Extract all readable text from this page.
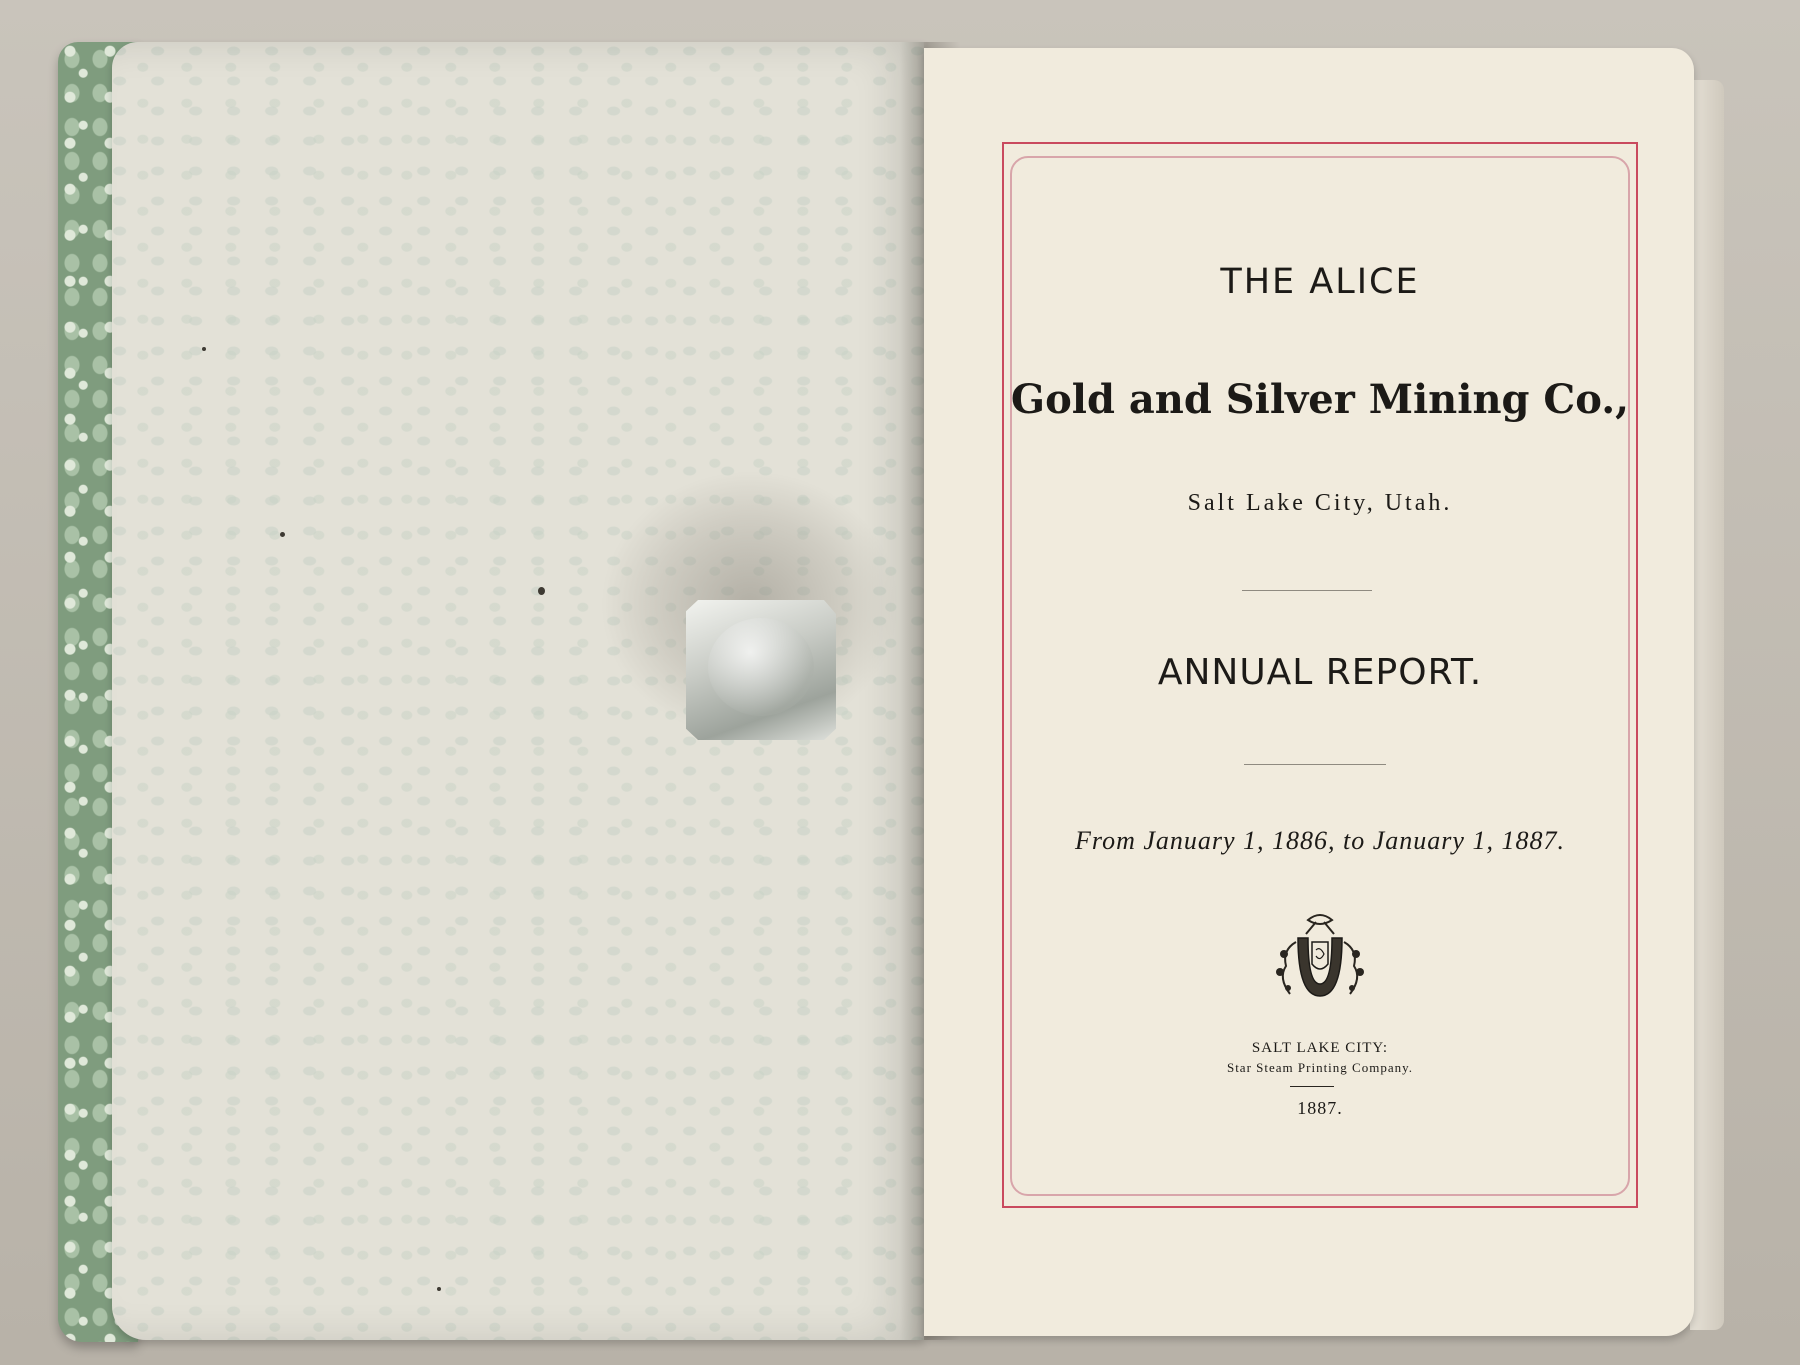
THE ALICE

Gold and Silver Mining Co.,

Salt Lake City, Utah.

ANNUAL REPORT.

From January 1, 1886, to January 1, 1887.

SALT LAKE CITY:

Star Steam Printing Company.

1887.
